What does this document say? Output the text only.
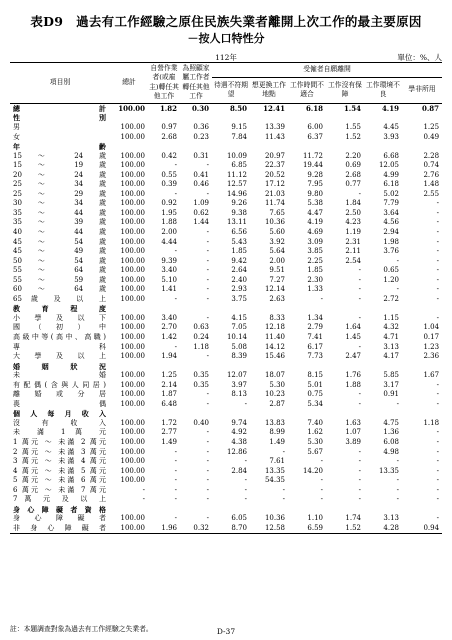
表D9　過去有工作經驗之原住民族失業者離開上次工作的最主要原因
－按人口特性分
112年	單位：%、人
項目別	總計	自營作業者(或雇主)轉任其他工作	為照顧家屬工作者轉任其他工作	受僱者自願離開					
				待遇不符期望	想更換工作地點	工作時間不適合	工作沒有保障	工作環境不良	學非所用
總　　計	100.00	1.82	0.30	8.50	12.41	6.18	1.54	4.19	0.87
性　　別									
男	100.00	0.97	0.36	9.15	13.39	6.00	1.55	4.45	1.25
女	100.00	2.68	0.23	7.84	11.43	6.37	1.52	3.93	0.49
年　　齡									
15 ～ 24 歲	100.00	0.42	0.31	10.09	20.97	11.72	2.20	6.68	2.28
15 ～ 19 歲	100.00	-	-	6.85	22.37	19.44	0.69	12.05	0.74
20 ～ 24 歲	100.00	0.55	0.41	11.12	20.52	9.28	2.68	4.99	2.76
25 ～ 34 歲	100.00	0.39	0.46	12.57	17.12	7.95	0.77	6.18	1.48
25 ～ 29 歲	100.00	-	-	14.96	21.03	9.80	-	5.02	2.55
30 ～ 34 歲	100.00	0.92	1.09	9.26	11.74	5.38	1.84	7.79	-
35 ～ 44 歲	100.00	1.95	0.62	9.38	7.65	4.47	2.50	3.64	-
35 ～ 39 歲	100.00	1.88	1.44	13.11	10.36	4.19	4.23	4.56	-
40 ～ 44 歲	100.00	2.00	-	6.56	5.60	4.69	1.19	2.94	-
45 ～ 54 歲	100.00	4.44	-	5.43	3.92	3.09	2.31	1.98	-
45 ～ 49 歲	100.00	-	-	1.85	5.64	3.85	2.11	3.76	-
50 ～ 54 歲	100.00	9.39	-	9.42	2.00	2.25	2.54	-	-
55 ～ 64 歲	100.00	3.40	-	2.64	9.51	1.85	-	0.65	-
55 ～ 59 歲	100.00	5.10	-	2.40	7.27	2.30	-	1.20	-
60 ～ 64 歲	100.00	1.41	-	2.93	12.14	1.33	-	-	-
65 歲 及 以 上	100.00	-	-	3.75	2.63	-	-	2.72	-
教 育 程 度									
小 學 及 以 下	100.00	3.40	-	4.15	8.33	1.34	-	1.15	-
國 （ 初 ） 中	100.00	2.70	0.63	7.05	12.18	2.79	1.64	4.32	1.04
高級中等(高中、高職)	100.00	1.42	0.24	10.14	11.40	7.41	1.45	4.71	0.17
專　　科	100.00	-	1.18	5.08	14.12	6.17	-	3.13	1.23
大 學 及 以 上	100.00	1.94	-	8.39	15.46	7.73	2.47	4.17	2.36
婚 姻 狀 況									
未　　婚	100.00	1.25	0.35	12.07	18.07	8.15	1.76	5.85	1.67
有配偶(含與人同居)	100.00	2.14	0.35	3.97	5.30	5.01	1.88	3.17	-
離 婚 或 分 居	100.00	1.87	-	8.13	10.23	0.75	-	0.91	-
喪　　偶	100.00	6.48	-	-	2.87	5.34	-	-	-
個 人 每 月 收 入									
沒　有　收　入	100.00	1.72	0.40	9.74	13.83	7.40	1.63	4.75	1.18
未 滿 1 萬 元	100.00	2.77	-	4.92	8.99	1.62	1.07	1.36	-
1 萬元 ～ 未滿 2 萬元	100.00	1.49	-	4.38	1.49	5.30	3.89	6.08	-
2 萬元 ～ 未滿 3 萬元	100.00	-	-	12.86	-	5.67	-	4.98	-
3 萬元 ～ 未滿 4 萬元	100.00	-	-	-	7.61	-	-	-	-
4 萬元 ～ 未滿 5 萬元	100.00	-	-	2.84	13.35	14.20	-	13.35	-
5 萬元 ～ 未滿 6 萬元	100.00	-	-	-	54.35	-	-	-	-
6 萬元 ～ 未滿 7 萬元	-	-	-	-	-	-	-	-	-
7 萬 元 及 以 上	-	-	-	-	-	-	-	-	-
身 心 障 礙 者 資 格									
身 心 障 礙 者	100.00	-	-	6.05	10.36	1.10	1.74	3.13	-
非 身 心 障 礙 者	100.00	1.96	0.32	8.70	12.58	6.59	1.52	4.28	0.94
註：本題調查對象為過去有工作經驗之失業者。	D-37
